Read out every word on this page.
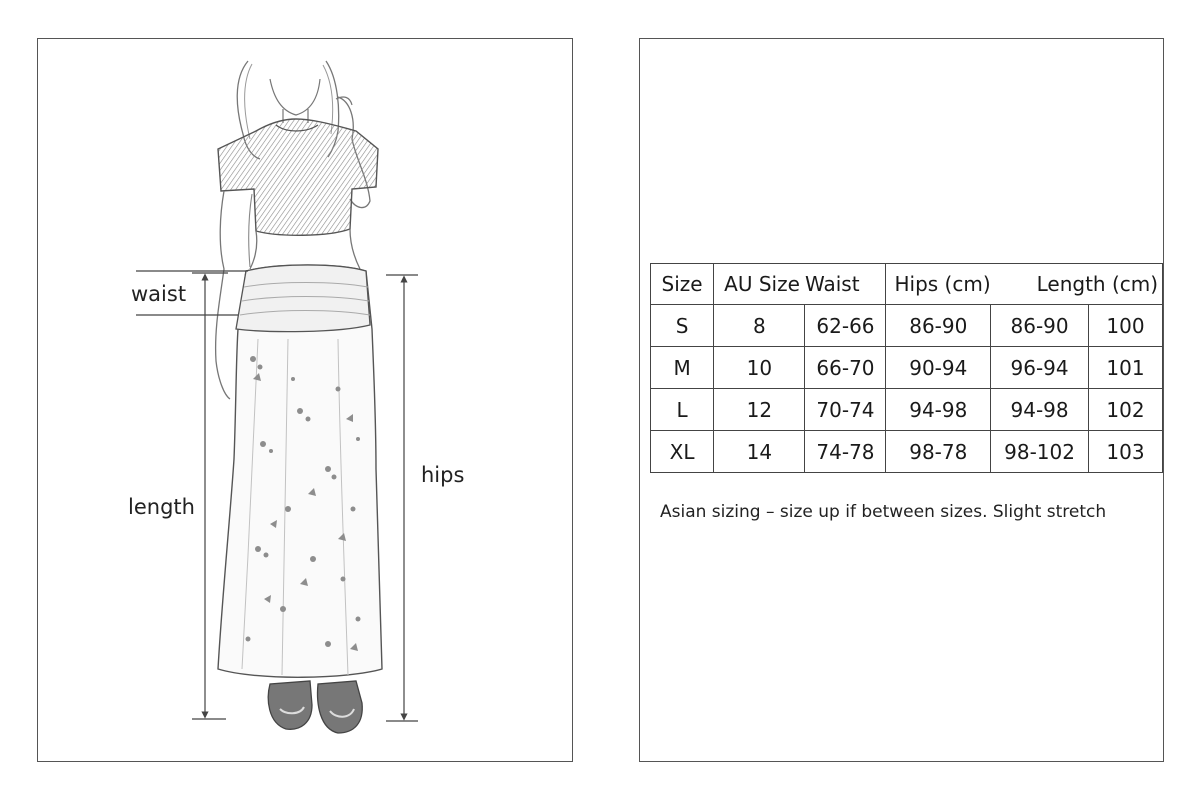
waist
length
hips
Size	AU Size	Waist	Hips (cm)	Length (cm)	
S	8	62-66	86-90	86-90	100
M	10	66-70	90-94	96-94	101
L	12	70-74	94-98	94-98	102
XL	14	74-78	98-78	98-102	103
Asian sizing – size up if between sizes. Slight stretch
